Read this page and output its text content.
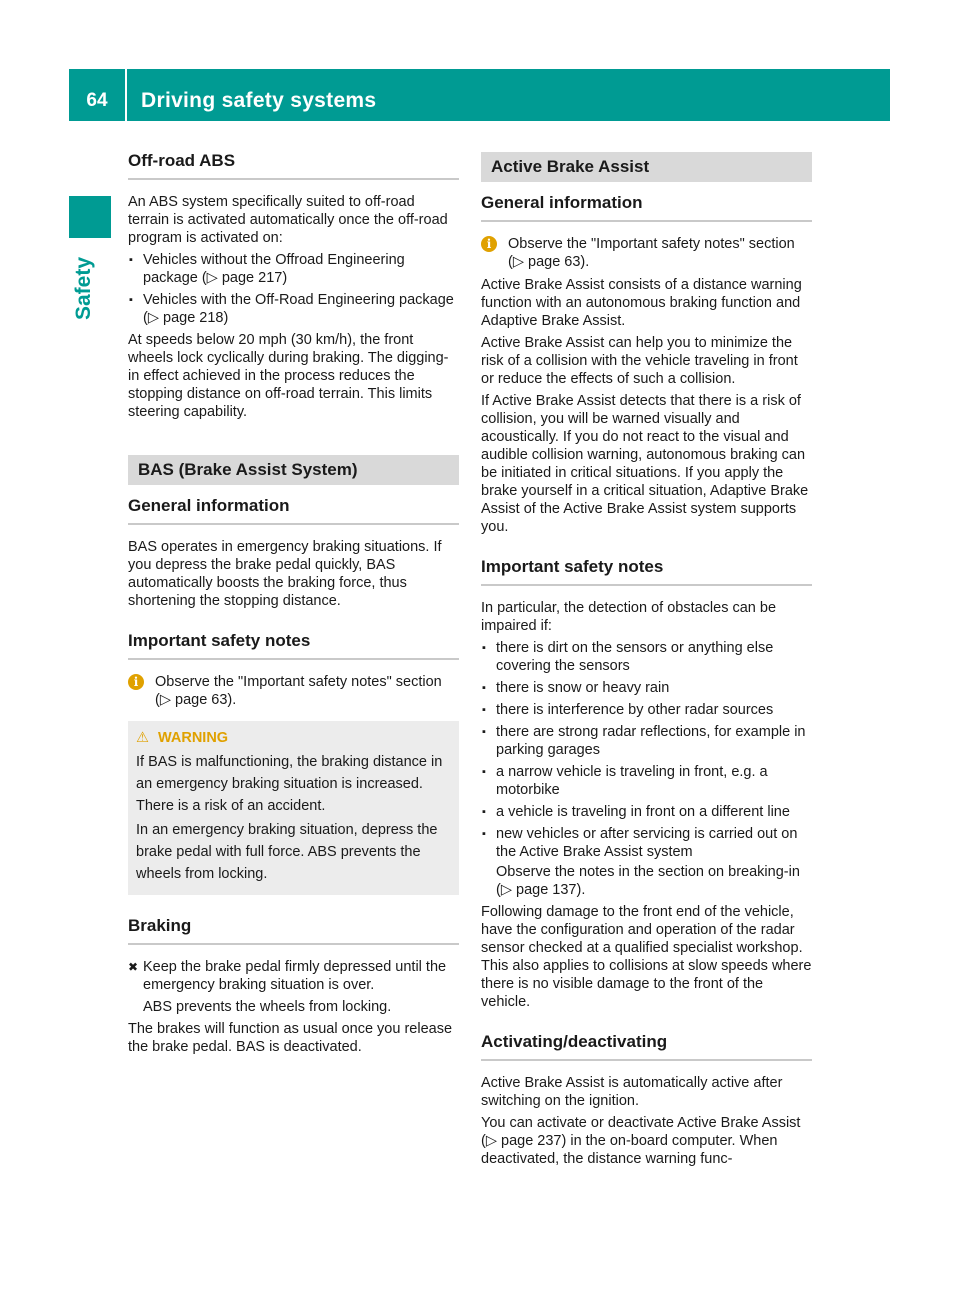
64	Driving safety systems
Safety
Off-road ABS

An ABS system specifically suited to off-road terrain is activated automatically once the off-road program is activated on:

▪ Vehicles without the Offroad Engineering package (▷ page 217)
▪ Vehicles with the Off-Road Engineering package (▷ page 218)

At speeds below 20 mph (30 km/h), the front wheels lock cyclically during braking. The digging-in effect achieved in the process reduces the stopping distance on off-road terrain. This limits steering capability.

BAS (Brake Assist System)
General information

BAS operates in emergency braking situations. If you depress the brake pedal quickly, BAS automatically boosts the braking force, thus shortening the stopping distance.

Important safety notes
i	Observe the "Important safety notes" section (▷ page 63).
⚠ WARNING

If BAS is malfunctioning, the braking distance in an emergency braking situation is increased. There is a risk of an accident.

In an emergency braking situation, depress the brake pedal with full force. ABS prevents the wheels from locking.

Braking
✖ Keep the brake pedal firmly depressed until the emergency braking situation is over.
ABS prevents the wheels from locking.

The brakes will function as usual once you release the brake pedal. BAS is deactivated.

Active Brake Assist
General information
i	Observe the "Important safety notes" section (▷ page 63).

Active Brake Assist consists of a distance warning function with an autonomous braking function and Adaptive Brake Assist.

Active Brake Assist can help you to minimize the risk of a collision with the vehicle traveling in front or reduce the effects of such a collision.

If Active Brake Assist detects that there is a risk of collision, you will be warned visually and acoustically. If you do not react to the visual and audible collision warning, autonomous braking can be initiated in critical situations. If you apply the brake yourself in a critical situation, Adaptive Brake Assist of the Active Brake Assist system supports you.

Important safety notes

In particular, the detection of obstacles can be impaired if:

▪ there is dirt on the sensors or anything else covering the sensors
▪ there is snow or heavy rain
▪ there is interference by other radar sources
▪ there are strong radar reflections, for example in parking garages
▪ a narrow vehicle is traveling in front, e.g. a motorbike
▪ a vehicle is traveling in front on a different line
▪ new vehicles or after servicing is carried out on the Active Brake Assist system
Observe the notes in the section on breaking-in (▷ page 137).

Following damage to the front end of the vehicle, have the configuration and operation of the radar sensor checked at a qualified specialist workshop. This also applies to collisions at slow speeds where there is no visible damage to the front of the vehicle.

Activating/deactivating

Active Brake Assist is automatically active after switching on the ignition.

You can activate or deactivate Active Brake Assist (▷ page 237) in the on-board computer. When deactivated, the distance warning func-
